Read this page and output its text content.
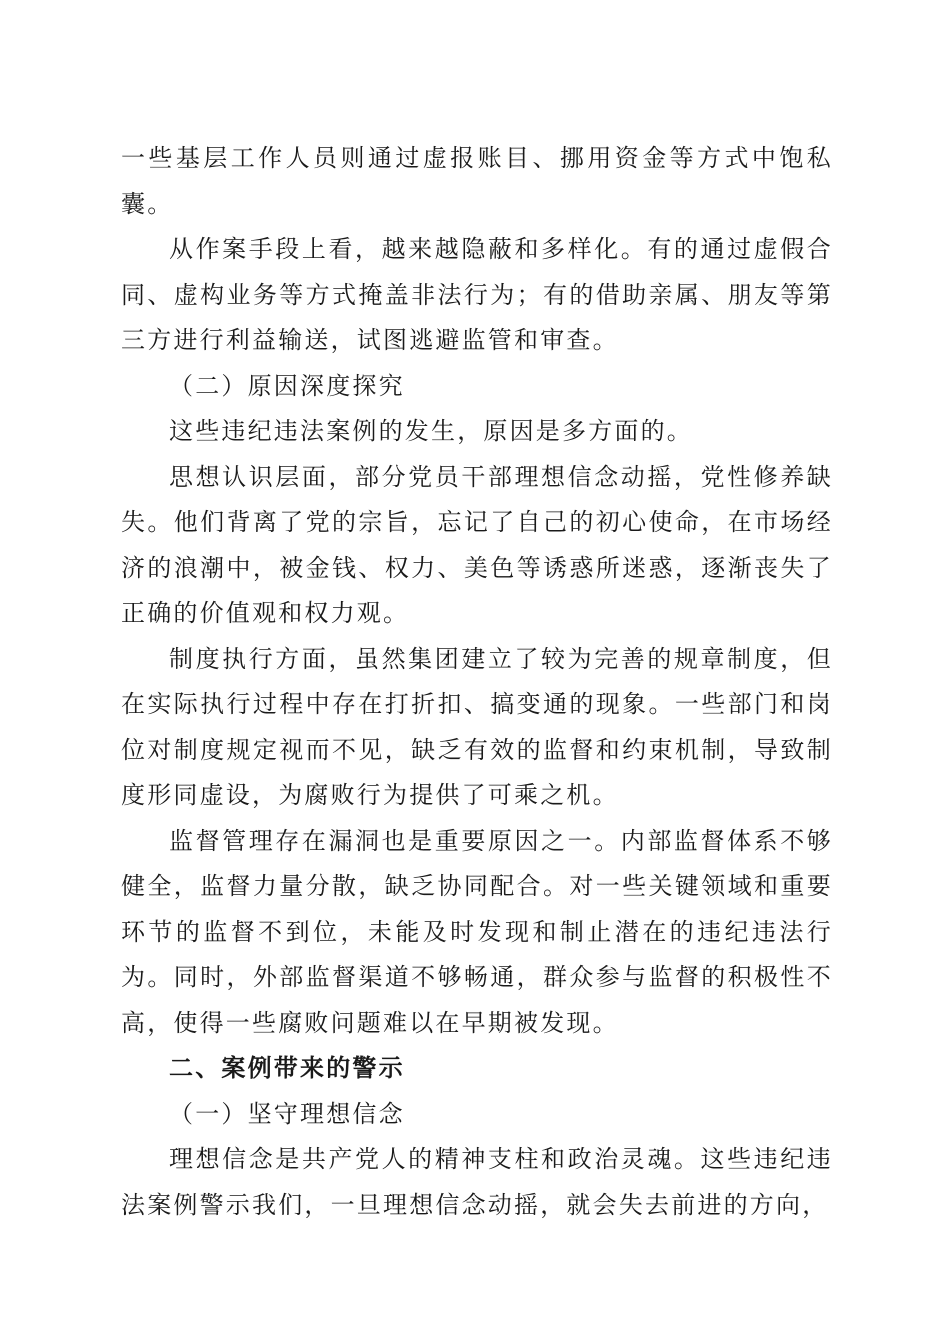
一些基层工作人员则通过虚报账目、挪用资金等方式中饱私囊。

从作案手段上看，越来越隐蔽和多样化。有的通过虚假合同、虚构业务等方式掩盖非法行为；有的借助亲属、朋友等第三方进行利益输送，试图逃避监管和审查。

（二）原因深度探究

这些违纪违法案例的发生，原因是多方面的。

思想认识层面，部分党员干部理想信念动摇，党性修养缺失。他们背离了党的宗旨，忘记了自己的初心使命，在市场经济的浪潮中，被金钱、权力、美色等诱惑所迷惑，逐渐丧失了正确的价值观和权力观。

制度执行方面，虽然集团建立了较为完善的规章制度，但在实际执行过程中存在打折扣、搞变通的现象。一些部门和岗位对制度规定视而不见，缺乏有效的监督和约束机制，导致制度形同虚设，为腐败行为提供了可乘之机。

监督管理存在漏洞也是重要原因之一。内部监督体系不够健全，监督力量分散，缺乏协同配合。对一些关键领域和重要环节的监督不到位，未能及时发现和制止潜在的违纪违法行为。同时，外部监督渠道不够畅通，群众参与监督的积极性不高，使得一些腐败问题难以在早期被发现。

二、案例带来的警示

（一）坚守理想信念

理想信念是共产党人的精神支柱和政治灵魂。这些违纪违法案例警示我们，一旦理想信念动摇，就会失去前进的方向，
